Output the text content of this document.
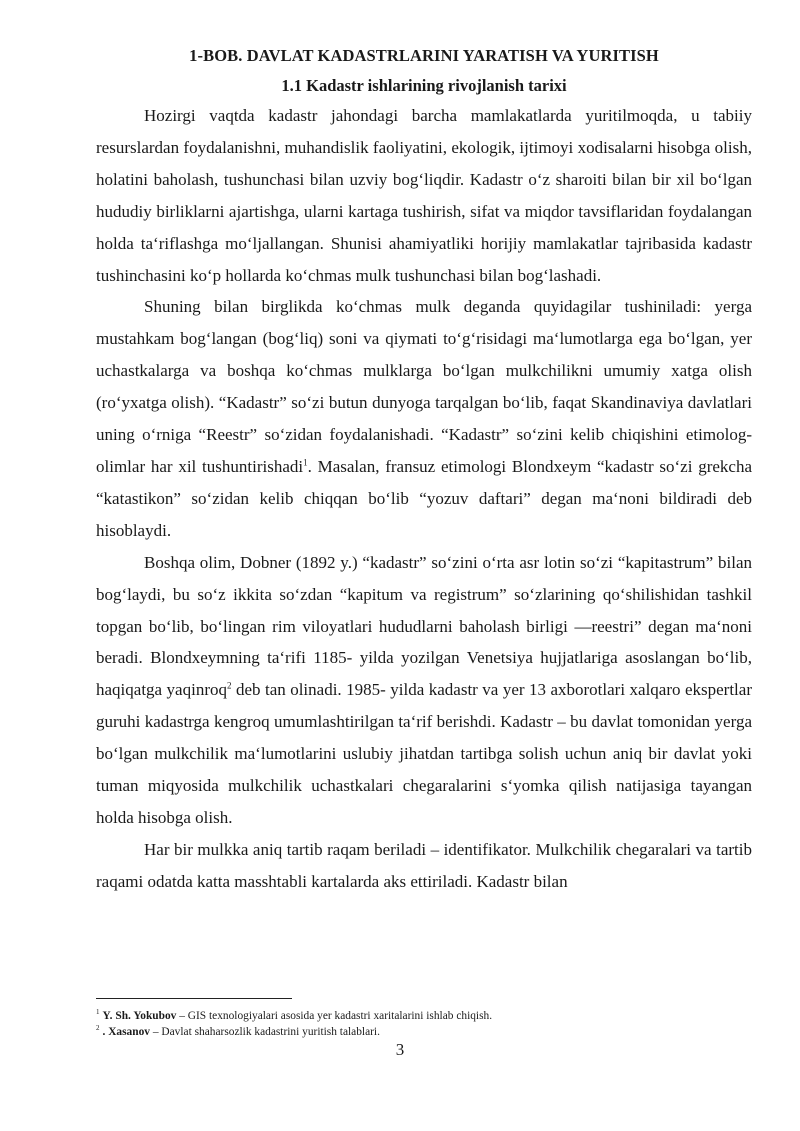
1-BOB. DAVLAT KADASTRLARINI YARATISH VA YURITISH
1.1 Kadastr ishlarining rivojlanish tarixi

Hozirgi vaqtda kadastr jahondagi barcha mamlakatlarda yuritilmoqda, u tabiiy resurslardan foydalanishni, muhandislik faoliyatini, ekologik, ijtimoyi xodisalarni hisobga olish, holatini baholash, tushunchasi bilan uzviy bog‘liqdir. Kadastr o‘z sharoiti bilan bir xil bo‘lgan hududiy birliklarni ajartishga, ularni kartaga tushirish, sifat va miqdor tavsiflaridan foydalangan holda ta‘riflashga mo‘ljallangan. Shunisi ahamiyatliki horijiy mamlakatlar tajribasida kadastr tushinchasini ko‘p hollarda ko‘chmas mulk tushunchasi bilan bog‘lashadi.

Shuning bilan birglikda ko‘chmas mulk deganda quyidagilar tushiniladi: yerga mustahkam bog‘langan (bog‘liq) soni va qiymati to‘g‘risidagi ma‘lumotlarga ega bo‘lgan, yer uchastkalarga va boshqa ko‘chmas mulklarga bo‘lgan mulkchilikni umumiy xatga olish (ro‘yxatga olish). “Kadastr” so‘zi butun dunyoga tarqalgan bo‘lib, faqat Skandinaviya davlatlari uning o‘rniga “Reestr” so‘zidan foydalanishadi. “Kadastr” so‘zini kelib chiqishini etimolog-olimlar har xil tushuntirishadi$^1$. Masalan, fransuz etimologi Blondxeym “kadastr so‘zi grekcha “katastikon” so‘zidan kelib chiqqan bo‘lib “yozuv daftari” degan ma‘noni bildiradi deb hisoblaydi.

Boshqa olim, Dobner (1892 y.) “kadastr” so‘zini o‘rta asr lotin so‘zi “kapitastrum” bilan bog‘laydi, bu so‘z ikkita so‘zdan “kapitum va registrum” so‘zlarining qo‘shilishidan tashkil topgan bo‘lib, bo‘lingan rim viloyatlari hududlarni baholash birligi —reestri” degan ma‘noni beradi. Blondxeymning ta‘rifi 1185- yilda yozilgan Venetsiya hujjatlariga asoslangan bo‘lib, haqiqatga yaqinroq$^2$ deb tan olinadi. 1985- yilda kadastr va yer 13 axborotlari xalqaro ekspertlar guruhi kadastrga kengroq umumlashtirilgan ta‘rif berishdi. Kadastr – bu davlat tomonidan yerga bo‘lgan mulkchilik ma‘lumotlarini uslubiy jihatdan tartibga solish uchun aniq bir davlat yoki tuman miqyosida mulkchilik uchastkalari chegaralarini s‘yomka qilish natijasiga tayangan holda hisobga olish.

Har bir mulkka aniq tartib raqam beriladi – identifikator. Mulkchilik chegaralari va tartib raqami odatda katta masshtabli kartalarda aks ettiriladi. Kadastr bilan

$^1$ Y. Sh. Yokubov – GIS texnologiyalari asosida yer kadastri xaritalarini ishlab chiqish.
$^2$ . Xasanov – Davlat shaharsozlik kadastrini yuritish talablari.
3
